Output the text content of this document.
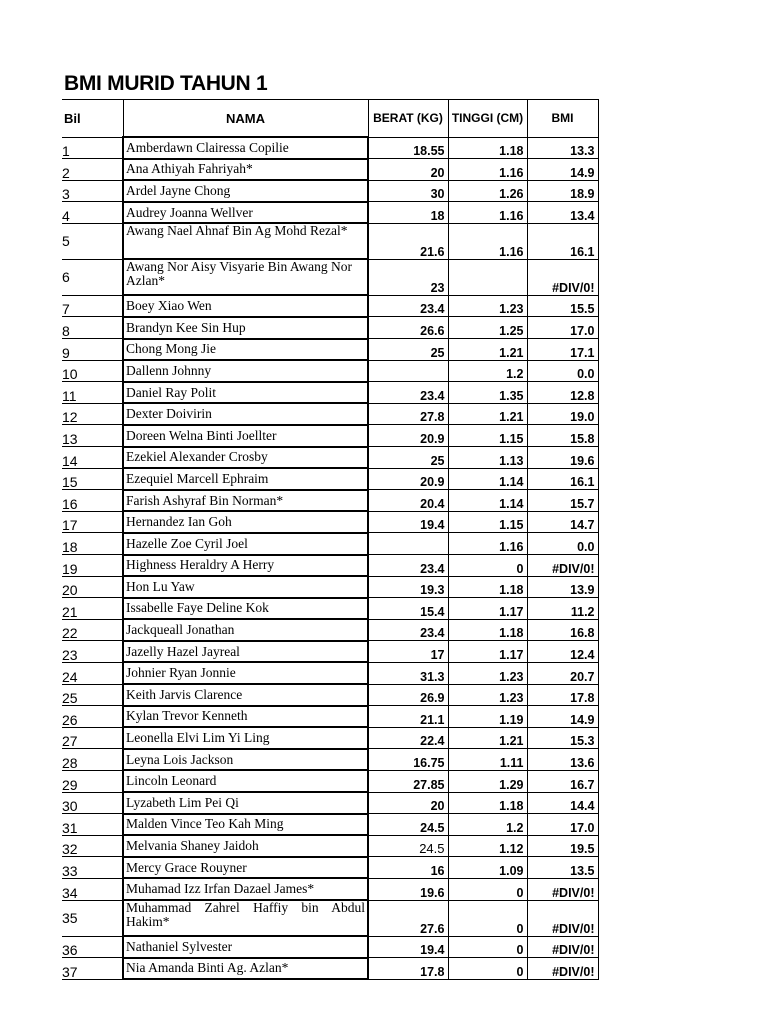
BMI MURID TAHUN 1
Bil	NAMA	BERAT (KG)	TINGGI (CM)	BMI
1	Amberdawn Clairessa Copilie	18.55	1.18	13.3
2	Ana Athiyah Fahriyah*	20	1.16	14.9
3	Ardel Jayne Chong	30	1.26	18.9
4	Audrey Joanna Wellver	18	1.16	13.4
5	Awang Nael Ahnaf Bin Ag Mohd Rezal*	21.6	1.16	16.1
6	Awang Nor Aisy Visyarie Bin Awang Nor Azlan*	23		#DIV/0!
7	Boey Xiao Wen	23.4	1.23	15.5
8	Brandyn Kee Sin Hup	26.6	1.25	17.0
9	Chong Mong Jie	25	1.21	17.1
10	Dallenn Johnny		1.2	0.0
11	Daniel Ray Polit	23.4	1.35	12.8
12	Dexter Doivirin	27.8	1.21	19.0
13	Doreen Welna Binti Joellter	20.9	1.15	15.8
14	Ezekiel Alexander Crosby	25	1.13	19.6
15	Ezequiel Marcell Ephraim	20.9	1.14	16.1
16	Farish Ashyraf Bin Norman*	20.4	1.14	15.7
17	Hernandez Ian Goh	19.4	1.15	14.7
18	Hazelle Zoe Cyril Joel		1.16	0.0
19	Highness Heraldry A Herry	23.4	0	#DIV/0!
20	Hon Lu Yaw	19.3	1.18	13.9
21	Issabelle Faye Deline Kok	15.4	1.17	11.2
22	Jackqueall Jonathan	23.4	1.18	16.8
23	Jazelly Hazel Jayreal	17	1.17	12.4
24	Johnier Ryan Jonnie	31.3	1.23	20.7
25	Keith Jarvis Clarence	26.9	1.23	17.8
26	Kylan Trevor Kenneth	21.1	1.19	14.9
27	Leonella Elvi Lim Yi Ling	22.4	1.21	15.3
28	Leyna Lois Jackson	16.75	1.11	13.6
29	Lincoln Leonard	27.85	1.29	16.7
30	Lyzabeth Lim Pei Qi	20	1.18	14.4
31	Malden Vince Teo Kah Ming	24.5	1.2	17.0
32	Melvania Shaney Jaidoh	24.5	1.12	19.5
33	Mercy Grace Rouyner	16	1.09	13.5
34	Muhamad Izz Irfan Dazael James*	19.6	0	#DIV/0!
35	Muhammad Zahrel Haffiy bin Abdul Hakim*	27.6	0	#DIV/0!
36	Nathaniel Sylvester	19.4	0	#DIV/0!
37	Nia Amanda Binti Ag. Azlan*	17.8	0	#DIV/0!
